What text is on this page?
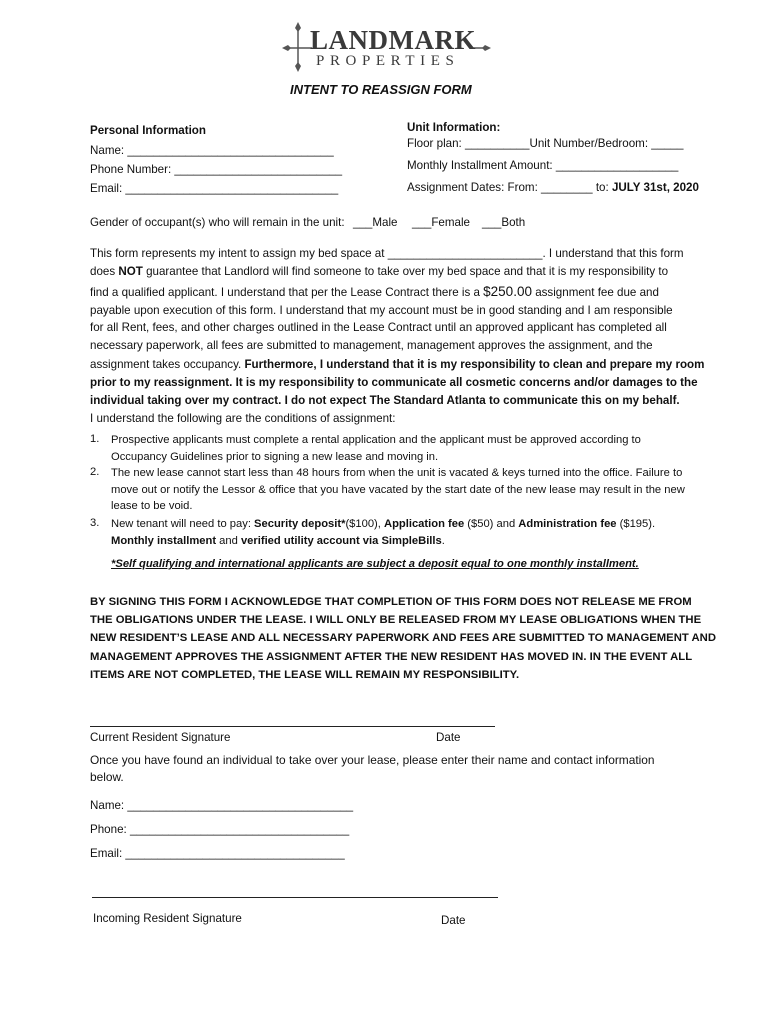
LANDMARK
PROPERTIES
INTENT TO REASSIGN FORM
Personal Information
Name: ________________________________
Phone Number: __________________________
Email: _________________________________
Unit Information:
Floor plan: __________Unit Number/Bedroom: _____
Monthly Installment Amount: ___________________
Assignment Dates: From: ________ to: JULY 31st, 2020
Gender of occupant(s) who will remain in the unit: ___Male ___Female ___Both
This form represents my intent to assign my bed space at ________________________. I understand that this form
does NOT guarantee that Landlord will find someone to take over my bed space and that it is my responsibility to
find a qualified applicant. I understand that per the Lease Contract there is a $250.00 assignment fee due and
payable upon execution of this form. I understand that my account must be in good standing and I am responsible
for all Rent, fees, and other charges outlined in the Lease Contract until an approved applicant has completed all
necessary paperwork, all fees are submitted to management, management approves the assignment, and the
assignment takes occupancy. Furthermore, I understand that it is my responsibility to clean and prepare my room
prior to my reassignment. It is my responsibility to communicate all cosmetic concerns and/or damages to the
individual taking over my contract. I do not expect The Standard Atlanta to communicate this on my behalf.
I understand the following are the conditions of assignment:
1. Prospective applicants must complete a rental application and the applicant must be approved according to Occupancy Guidelines prior to signing a new lease and moving in.
2. The new lease cannot start less than 48 hours from when the unit is vacated & keys turned into the office. Failure to move out or notify the Lessor & office that you have vacated by the start date of the new lease may result in the new lease to be void.
3. New tenant will need to pay: Security deposit*($100), Application fee ($50) and Administration fee ($195).
Monthly installment and verified utility account via SimpleBills.
*Self qualifying and international applicants are subject a deposit equal to one monthly installment.
BY SIGNING THIS FORM I ACKNOWLEDGE THAT COMPLETION OF THIS FORM DOES NOT RELEASE ME FROM
THE OBLIGATIONS UNDER THE LEASE. I WILL ONLY BE RELEASED FROM MY LEASE OBLIGATIONS WHEN THE
NEW RESIDENT’S LEASE AND ALL NECESSARY PAPERWORK AND FEES ARE SUBMITTED TO MANAGEMENT AND
MANAGEMENT APPROVES THE ASSIGNMENT AFTER THE NEW RESIDENT HAS MOVED IN. IN THE EVENT ALL
ITEMS ARE NOT COMPLETED, THE LEASE WILL REMAIN MY RESPONSIBILITY.
Current Resident Signature	Date
Once you have found an individual to take over your lease, please enter their name and contact information below.
Name: ___________________________________
Phone: __________________________________
Email: __________________________________
Incoming Resident Signature	Date
